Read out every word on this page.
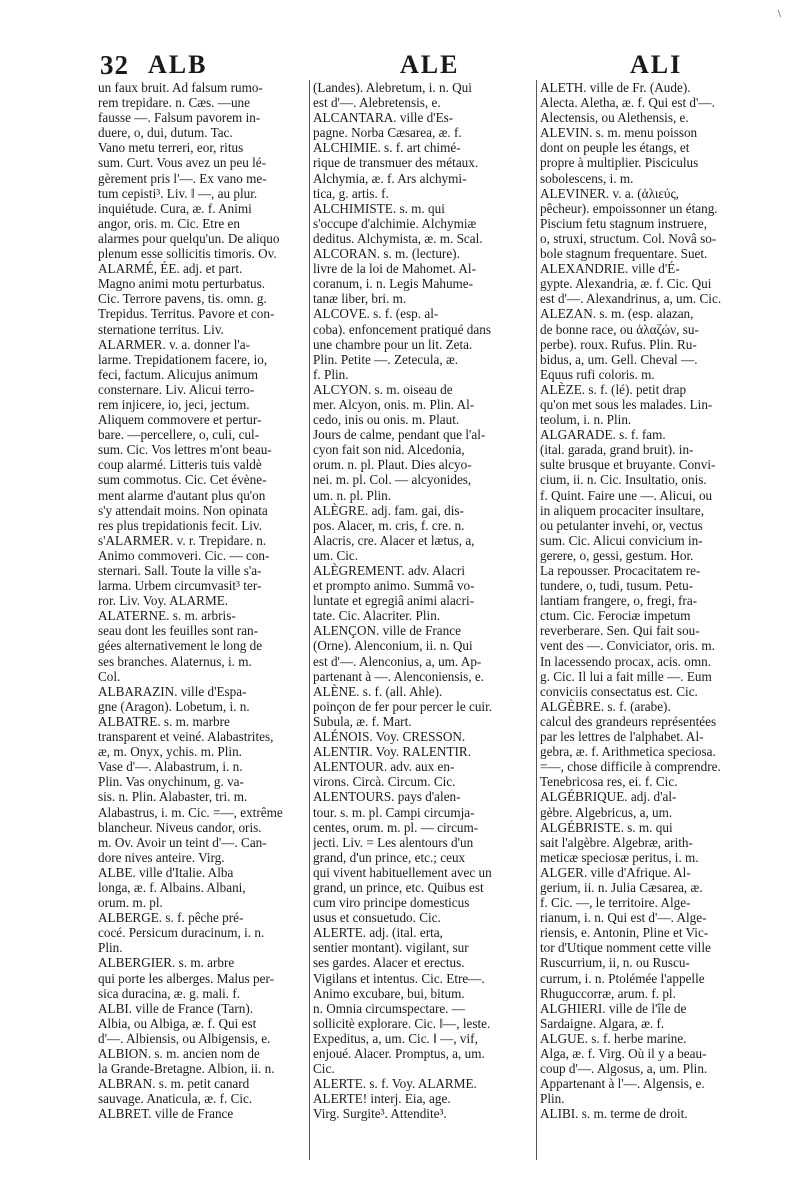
\
32 ALB	ALE	ALI
un faux bruit. Ad falsum rumo-
rem trepidare. n. Cæs. —une
fausse —. Falsum pavorem in-
duere, o, dui, dutum. Tac.
Vano metu terreri, eor, ritus
sum. Curt. Vous avez un peu lé-
gèrement pris l'—. Ex vano me-
tum cepisti³. Liv. ‖ —, au plur.
inquiétude. Cura, æ. f. Animi
angor, oris. m. Cic. Etre en
alarmes pour quelqu'un. De aliquo
plenum esse sollicitis timoris. Ov.
ALARMÉ, ÉE. adj. et part.
Magno animi motu perturbatus.
Cic. Terrore pavens, tis. omn. g.
Trepidus. Territus. Pavore et con-
sternatione territus. Liv.
ALARMER. v. a. donner l'a-
larme. Trepidationem facere, io,
feci, factum. Alicujus animum
consternare. Liv. Alicui terro-
rem injicere, io, jeci, jectum.
Aliquem commovere et pertur-
bare. —percellere, o, culi, cul-
sum. Cic. Vos lettres m'ont beau-
coup alarmé. Litteris tuis valdè
sum commotus. Cic. Cet évène-
ment alarme d'autant plus qu'on
s'y attendait moins. Non opinata
res plus trepidationis fecit. Liv.
s'ALARMER. v. r. Trepidare. n.
Animo commoveri. Cic. — con-
sternari. Sall. Toute la ville s'a-
larma. Urbem circumvasit³ ter-
ror. Liv. Voy. ALARME.
ALATERNE. s. m. arbris-
seau dont les feuilles sont ran-
gées alternativement le long de
ses branches. Alaternus, i. m.
Col.
ALBARAZIN. ville d'Espa-
gne (Aragon). Lobetum, i. n.
ALBATRE. s. m. marbre
transparent et veiné. Alabastrites,
æ, m. Onyx, ychis. m. Plin.
Vase d'—. Alabastrum, i. n.
Plin. Vas onychinum, g. va-
sis. n. Plin. Alabaster, tri. m.
Alabastrus, i. m. Cic. =—, extrême
blancheur. Niveus candor, oris.
m. Ov. Avoir un teint d'—. Can-
dore nives anteire. Virg.
ALBE. ville d'Italie. Alba
longa, æ. f. Albains. Albani,
orum. m. pl.
ALBERGE. s. f. pêche pré-
cocé. Persicum duracinum, i. n.
Plin.
ALBERGIER. s. m. arbre
qui porte les alberges. Malus per-
sica duracina, æ. g. mali. f.
ALBI. ville de France (Tarn).
Albia, ou Albiga, æ. f. Qui est
d'—. Albiensis, ou Albigensis, e.
ALBION. s. m. ancien nom de
la Grande-Bretagne. Albion, ii. n.
ALBRAN. s. m. petit canard
sauvage. Anaticula, æ. f. Cic.
ALBRET. ville de France
(Landes). Alebretum, i. n. Qui
est d'—. Alebretensis, e.
ALCANTARA. ville d'Es-
pagne. Norba Cæsarea, æ. f.
ALCHIMIE. s. f. art chimé-
rique de transmuer des métaux.
Alchymia, æ. f. Ars alchymi-
tica, g. artis. f.
ALCHIMISTE. s. m. qui
s'occupe d'alchimie. Alchymiæ
deditus. Alchymista, æ. m. Scal.
ALCORAN. s. m. (lecture).
livre de la loi de Mahomet. Al-
coranum, i. n. Legis Mahume-
tanæ liber, bri. m.
ALCOVE. s. f. (esp. al-
coba). enfoncement pratiqué dans
une chambre pour un lit. Zeta.
Plin. Petite —. Zetecula, æ.
f. Plin.
ALCYON. s. m. oiseau de
mer. Alcyon, onis. m. Plin. Al-
cedo, inis ou onis. m. Plaut.
Jours de calme, pendant que l'al-
cyon fait son nid. Alcedonia,
orum. n. pl. Plaut. Dies alcyo-
nei. m. pl. Col. — alcyonides,
um. n. pl. Plin.
ALÈGRE. adj. fam. gai, dis-
pos. Alacer, m. cris, f. cre. n.
Alacris, cre. Alacer et lætus, a,
um. Cic.
ALÈGREMENT. adv. Alacri
et prompto animo. Summâ vo-
luntate et egregiâ animi alacri-
tate. Cic. Alacriter. Plin.
ALENÇON. ville de France
(Orne). Alenconium, ii. n. Qui
est d'—. Alenconius, a, um. Ap-
partenant à —. Alenconiensis, e.
ALÈNE. s. f. (all. Ahle).
poinçon de fer pour percer le cuir.
Subula, æ. f. Mart.
ALÉNOIS. Voy. CRESSON.
ALENTIR. Voy. RALENTIR.
ALENTOUR. adv. aux en-
virons. Circà. Circum. Cic.
ALENTOURS. pays d'alen-
tour. s. m. pl. Campi circumja-
centes, orum. m. pl. — circum-
jecti. Liv. = Les alentours d'un
grand, d'un prince, etc.; ceux
qui vivent habituellement avec un
grand, un prince, etc. Quibus est
cum viro principe domesticus
usus et consuetudo. Cic.
ALERTE. adj. (ital. erta,
sentier montant). vigilant, sur
ses gardes. Alacer et erectus.
Vigilans et intentus. Cic. Etre—.
Animo excubare, bui, bitum.
n. Omnia circumspectare. —
sollicitè explorare. Cic. ‖—, leste.
Expeditus, a, um. Cic. ‖ —, vif,
enjoué. Alacer. Promptus, a, um.
Cic.
ALERTE. s. f. Voy. ALARME.
ALERTE! interj. Eia, age.
Virg. Surgite³. Attendite³.
ALETH. ville de Fr. (Aude).
Alecta. Aletha, æ. f. Qui est d'—.
Alectensis, ou Alethensis, e.
ALEVIN. s. m. menu poisson
dont on peuple les étangs, et
propre à multiplier. Pisciculus
sobolescens, i. m.
ALEVINER. v. a. (ἁλιεύς,
pêcheur). empoissonner un étang.
Piscium fetu stagnum instruere,
o, struxi, structum. Col. Novâ so-
bole stagnum frequentare. Suet.
ALEXANDRIE. ville d'É-
gypte. Alexandria, æ. f. Cic. Qui
est d'—. Alexandrinus, a, um. Cic.
ALEZAN. s. m. (esp. alazan,
de bonne race, ou ἀλαζών, su-
perbe). roux. Rufus. Plin. Ru-
bidus, a, um. Gell. Cheval —.
Equus rufi coloris. m.
ALÈZE. s. f. (lé). petit drap
qu'on met sous les malades. Lin-
teolum, i. n. Plin.
ALGARADE. s. f. fam.
(ital. garada, grand bruit). in-
sulte brusque et bruyante. Convi-
cium, ii. n. Cic. Insultatio, onis.
f. Quint. Faire une —. Alicui, ou
in aliquem procaciter insultare,
ou petulanter invehi, or, vectus
sum. Cic. Alicui convicium in-
gerere, o, gessi, gestum. Hor.
La repousser. Procacitatem re-
tundere, o, tudi, tusum. Petu-
lantiam frangere, o, fregi, fra-
ctum. Cic. Ferociæ impetum
reverberare. Sen. Qui fait sou-
vent des —. Conviciator, oris. m.
In lacessendo procax, acis. omn.
g. Cic. Il lui a fait mille —. Eum
conviciis consectatus est. Cic.
ALGÈBRE. s. f. (arabe).
calcul des grandeurs représentées
par les lettres de l'alphabet. Al-
gebra, æ. f. Arithmetica speciosa.
=—, chose difficile à comprendre.
Tenebricosa res, ei. f. Cic.
ALGÉBRIQUE. adj. d'al-
gèbre. Algebricus, a, um.
ALGÉBRISTE. s. m. qui
sait l'algèbre. Algebræ, arith-
meticæ speciosæ peritus, i. m.
ALGER. ville d'Afrique. Al-
gerium, ii. n. Julia Cæsarea, æ.
f. Cic. —, le territoire. Alge-
rianum, i. n. Qui est d'—. Alge-
riensis, e. Antonin, Pline et Vic-
tor d'Utique nomment cette ville
Ruscurrium, ii, n. ou Ruscu-
currum, i. n. Ptolémée l'appelle
Rhuguccorræ, arum. f. pl.
ALGHIERI. ville de l'île de
Sardaigne. Algara, æ. f.
ALGUE. s. f. herbe marine.
Alga, æ. f. Virg. Où il y a beau-
coup d'—. Algosus, a, um. Plin.
Appartenant à l'—. Algensis, e.
Plin.
ALIBI. s. m. terme de droit.
